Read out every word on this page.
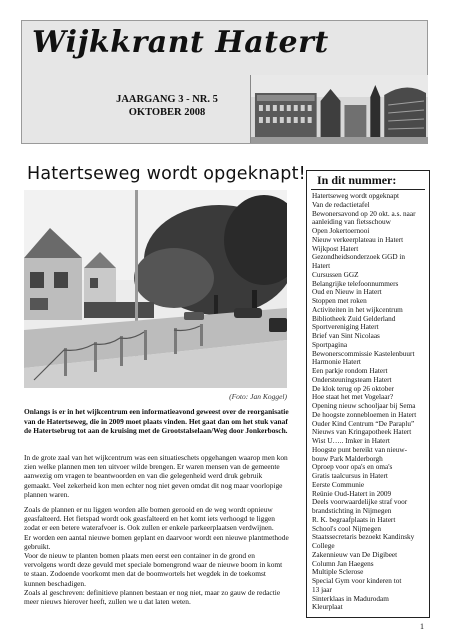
Wijkkrant Hatert
JAARGANG 3 - NR. 5
OKTOBER 2008
Hatertseweg wordt opgeknapt!
(Foto: Jan Koggel)

Onlangs is er in het wijkcentrum een informatieavond geweest over de reorganisatie van de Hatertseweg, die in 2009 moet plaats vinden. Het gaat dan om het stuk vanaf de Hatertsebrug tot aan de kruising met de Grootstalselaan/Weg door Jonkerbosch.

In de grote zaal van het wijkcentrum was een situatieschets opgehangen waarop men kon zien welke plannen men ten uitvoer wilde brengen. Er waren mensen van de gemeente aanwezig om vragen te beantwoorden en van die gelegenheid werd druk gebruik gemaakt. Veel zekerheid kon men echter nog niet geven omdat dit nog maar voorlopige plannen waren.

Zoals de plannen er nu liggen worden alle bomen gerooid en de weg wordt opnieuw geasfalteerd. Het fietspad wordt ook geasfalteerd en het komt iets verhoogd te liggen zodat er een betere waterafvoer is. Ook zullen er enkele parkeerplaatsen verdwijnen.

Er worden een aantal nieuwe bomen geplant en daarvoor wordt een nieuwe plantmethode gebruikt.

Voor de nieuw te planten bomen plaats men eerst een container in de grond en vervolgens wordt deze gevuld met speciale bomengrond waar de nieuwe boom in komt te staan. Zodoende voorkomt men dat de boomwortels het wegdek in de toekomst kunnen beschadigen.

Zoals al geschreven: definitieve plannen bestaan er nog niet, maar zo gauw de redactie meer nieuws hierover heeft, zullen we u dat laten weten.

In dit nummer:
Hatertseweg wordt opgeknapt
Van de redactietafel
Bewonersavond op 20 okt. a.s. naar
aanleiding van fietsschouw
Open Jokertoernooi
Nieuw verkeerplateau in Hatert
Wijkpost Hatert
Gezondheidsonderzoek GGD in
Hatert
Cursussen GGZ
Belangrijke telefoonnummers
Oud en Nieuw in Hatert
Stoppen met roken
Activiteiten in het wijkcentrum
Bibliotheek Zuid Gelderland
Sportvereniging Hatert
Brief van Sint Nicolaas
Sportpagina
Bewonerscommissie Kastelenbuurt
Harmonie Hatert
Een parkje rondom Hatert
Ondersteuningsteam Hatert
De klok terug op 26 oktober
Hoe staat het met Vogelaar?
Opening nieuw schooljaar bij Sema
De hoogste zonnebloemen in Hatert
Ouder Kind Centrum “De Paraplu”
Nieuws van Kringapotheek Hatert
Wist U….. Imker in Hatert
Hoogste punt bereikt van nieuw-
bouw Park Malderborgh
Oproep voor opa's en oma's
Gratis taalcursus in Hatert
Eerste Communie
Reünie Oud-Hatert in 2009
Deels voorwaardelijke straf voor
brandstichting in Nijmegen
R. K. begraafplaats in Hatert
School's cool Nijmegen
Staatssecretaris bezoekt Kandinsky
College
Zakennieuw van De Digibeet
Column Jan Haegens
Multiple Sclerose
Special Gym voor kinderen tot
13 jaar
Sinterklaas in Madurodam
Kleurplaat
1
